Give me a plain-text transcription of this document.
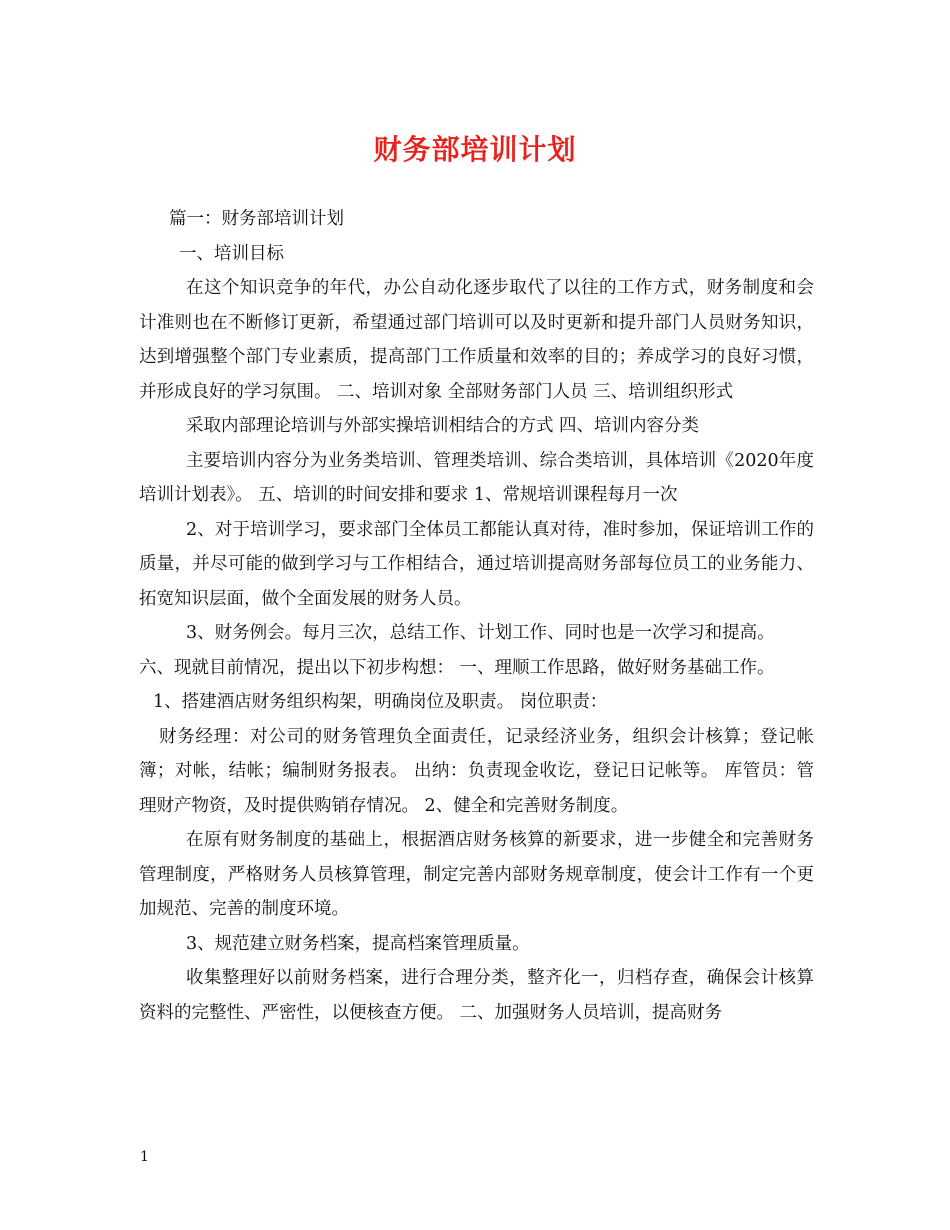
财务部培训计划

篇一：财务部培训计划

一、培训目标

在这个知识竞争的年代，办公自动化逐步取代了以往的工作方式，财务制度和会计准则也在不断修订更新，希望通过部门培训可以及时更新和提升部门人员财务知识，达到增强整个部门专业素质，提高部门工作质量和效率的目的；养成学习的良好习惯，并形成良好的学习氛围。 二、培训对象 全部财务部门人员 三、培训组织形式

采取内部理论培训与外部实操培训相结合的方式 四、培训内容分类

主要培训内容分为业务类培训、管理类培训、综合类培训，具体培训《2020年度培训计划表》。 五、培训的时间安排和要求 1、常规培训课程每月一次

2、对于培训学习，要求部门全体员工都能认真对待，准时参加，保证培训工作的质量，并尽可能的做到学习与工作相结合，通过培训提高财务部每位员工的业务能力、拓宽知识层面，做个全面发展的财务人员。

3、财务例会。每月三次，总结工作、计划工作、同时也是一次学习和提高。

六、现就目前情况，提出以下初步构想： 一、理顺工作思路，做好财务基础工作。

1、搭建酒店财务组织构架，明确岗位及职责。 岗位职责：

财务经理：对公司的财务管理负全面责任，记录经济业务，组织会计核算；登记帐簿；对帐，结帐；编制财务报表。 出纳：负责现金收讫，登记日记帐等。 库管员：管理财产物资，及时提供购销存情况。 2、健全和完善财务制度。

在原有财务制度的基础上，根据酒店财务核算的新要求，进一步健全和完善财务管理制度，严格财务人员核算管理，制定完善内部财务规章制度，使会计工作有一个更加规范、完善的制度环境。

3、规范建立财务档案，提高档案管理质量。

收集整理好以前财务档案，进行合理分类，整齐化一，归档存查，确保会计核算资料的完整性、严密性，以便核查方便。 二、加强财务人员培训，提高财务

1
